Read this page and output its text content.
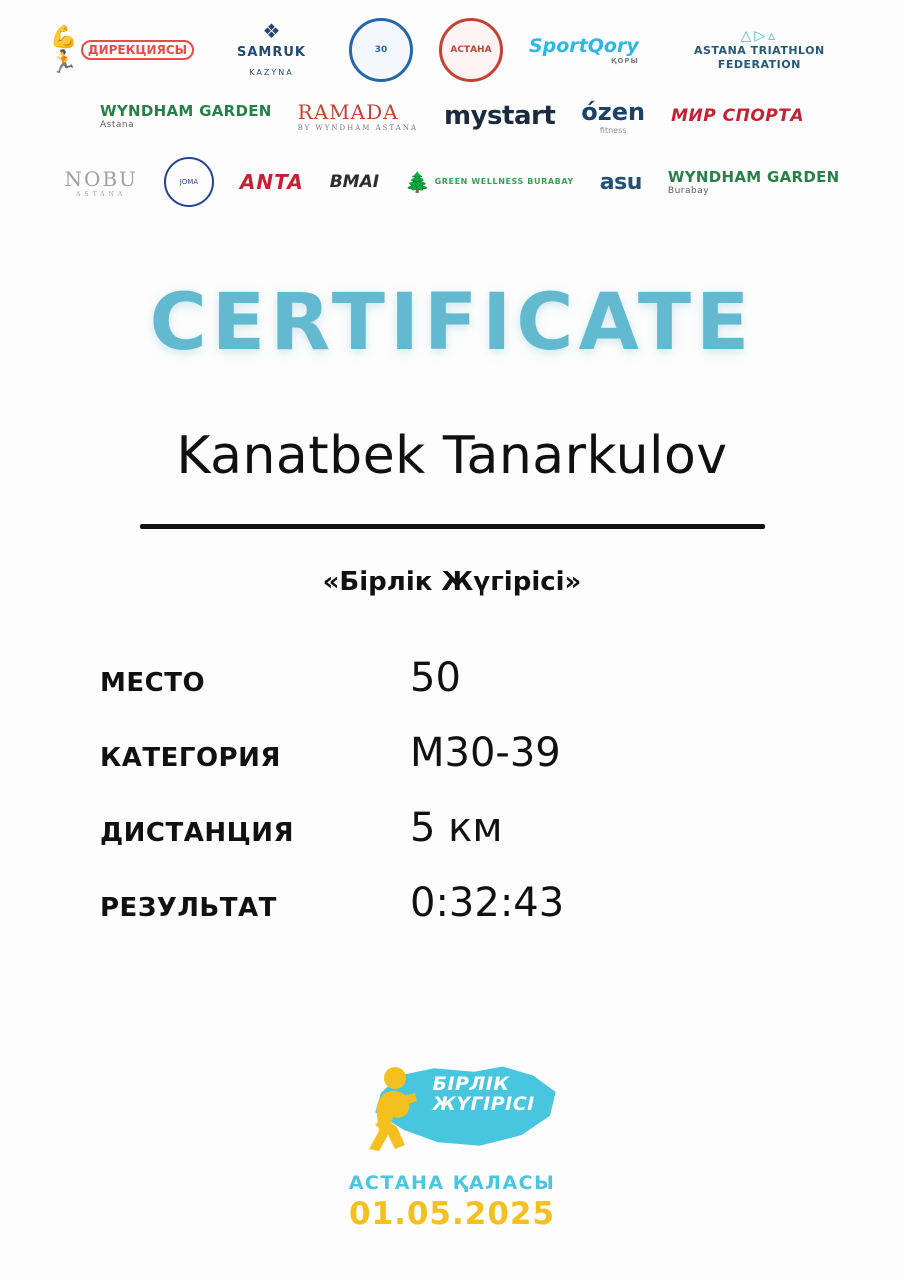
💪🏃	ДИРЕКЦИЯСЫ
❖
SAMRUK KAZYNA
30	АСТАНА SportQory
ҚОРЫ
△▷▵
ASTANA TRIATHLON FEDERATION
WYNDHAM GARDEN
Astana
RAMADA
BY WYNDHAM ASTANA mystart ózen
fitness
МИР СПОРТА
NOBU
ASTANA
JOMA ANTA BMAI 🌲 GREEN WELLNESS BURABAY asu WYNDHAM GARDEN
Burabay
CERTIFICATE
Kanatbek Tanarkulov
«Бірлік Жүгірісі»
МЕСТО	50
КАТЕГОРИЯ	M30-39
ДИСТАНЦИЯ	5 км
РЕЗУЛЬТАТ	0:32:43
БІРЛІК
ЖҮГІРІСІ
АСТАНА ҚАЛАСЫ
01.05.2025
